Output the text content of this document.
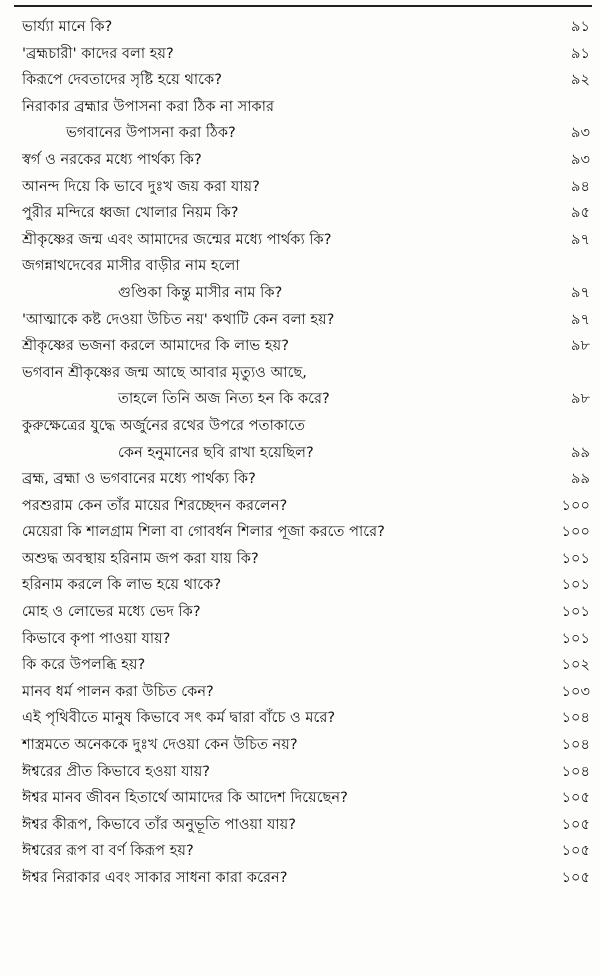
ভার্য্যা মানে কি?	৯১
'ব্রহ্মচারী' কাদের বলা হয়?	৯১
কিরূপে দেবতাদের সৃষ্টি হয়ে থাকে?	৯২
নিরাকার ব্রহ্মার উপাসনা করা ঠিক না সাকার
ভগবানের উপাসনা করা ঠিক?	৯৩
স্বর্গ ও নরকের মধ্যে পার্থক্য কি?	৯৩
আনন্দ দিয়ে কি ভাবে দুঃখ জয় করা যায়?	৯৪
পুরীর মন্দিরে ধ্বজা খোলার নিয়ম কি?	৯৫
শ্রীকৃষ্ণের জন্ম এবং আমাদের জন্মের মধ্যে পার্থক্য কি?	৯৭
জগন্নাথদেবের মাসীর বাড়ীর নাম হলো
গুণ্ডিকা কিন্তু মাসীর নাম কি?	৯৭
'আত্মাকে কষ্ট দেওয়া উচিত নয়' কথাটি কেন বলা হয়?	৯৭
শ্রীকৃষ্ণের ভজনা করলে আমাদের কি লাভ হয়?	৯৮
ভগবান শ্রীকৃষ্ণের জন্ম আছে আবার মৃত্যুও আছে,
তাহলে তিনি অজ নিত্য হন কি করে?	৯৮
কুরুক্ষেত্রের যুদ্ধে অর্জুনের রথের উপরে পতাকাতে
কেন হনুমানের ছবি রাখা হয়েছিল?	৯৯
ব্রহ্ম, ব্রহ্মা ও ভগবানের মধ্যে পার্থক্য কি?	৯৯
পরশুরাম কেন তাঁর মায়ের শিরচ্ছেদন করলেন?	১০০
মেয়েরা কি শালগ্রাম শিলা বা গোবর্ধন শিলার পূজা করতে পারে?	১০০
অশুদ্ধ অবস্থায় হরিনাম জপ করা যায় কি?	১০১
হরিনাম করলে কি লাভ হয়ে থাকে?	১০১
মোহ ও লোভের মধ্যে ভেদ কি?	১০১
কিভাবে কৃপা পাওয়া যায়?	১০১
কি করে উপলব্ধি হয়?	১০২
মানব ধর্ম পালন করা উচিত কেন?	১০৩
এই পৃথিবীতে মানুষ কিভাবে সৎ কর্ম দ্বারা বাঁচে ও মরে?	১০৪
শাস্ত্রমতে অনেককে দুঃখ দেওয়া কেন উচিত নয়?	১০৪
ঈশ্বরের প্রীত কিভাবে হওয়া যায়?	১০৪
ঈশ্বর মানব জীবন হিতার্থে আমাদের কি আদেশ দিয়েছেন?	১০৫
ঈশ্বর কীরূপ, কিভাবে তাঁর অনুভূতি পাওয়া যায়?	১০৫
ঈশ্বরের রূপ বা বর্ণ কিরূপ হয়?	১০৫
ঈশ্বর নিরাকার এবং সাকার সাধনা কারা করেন?	১০৫
